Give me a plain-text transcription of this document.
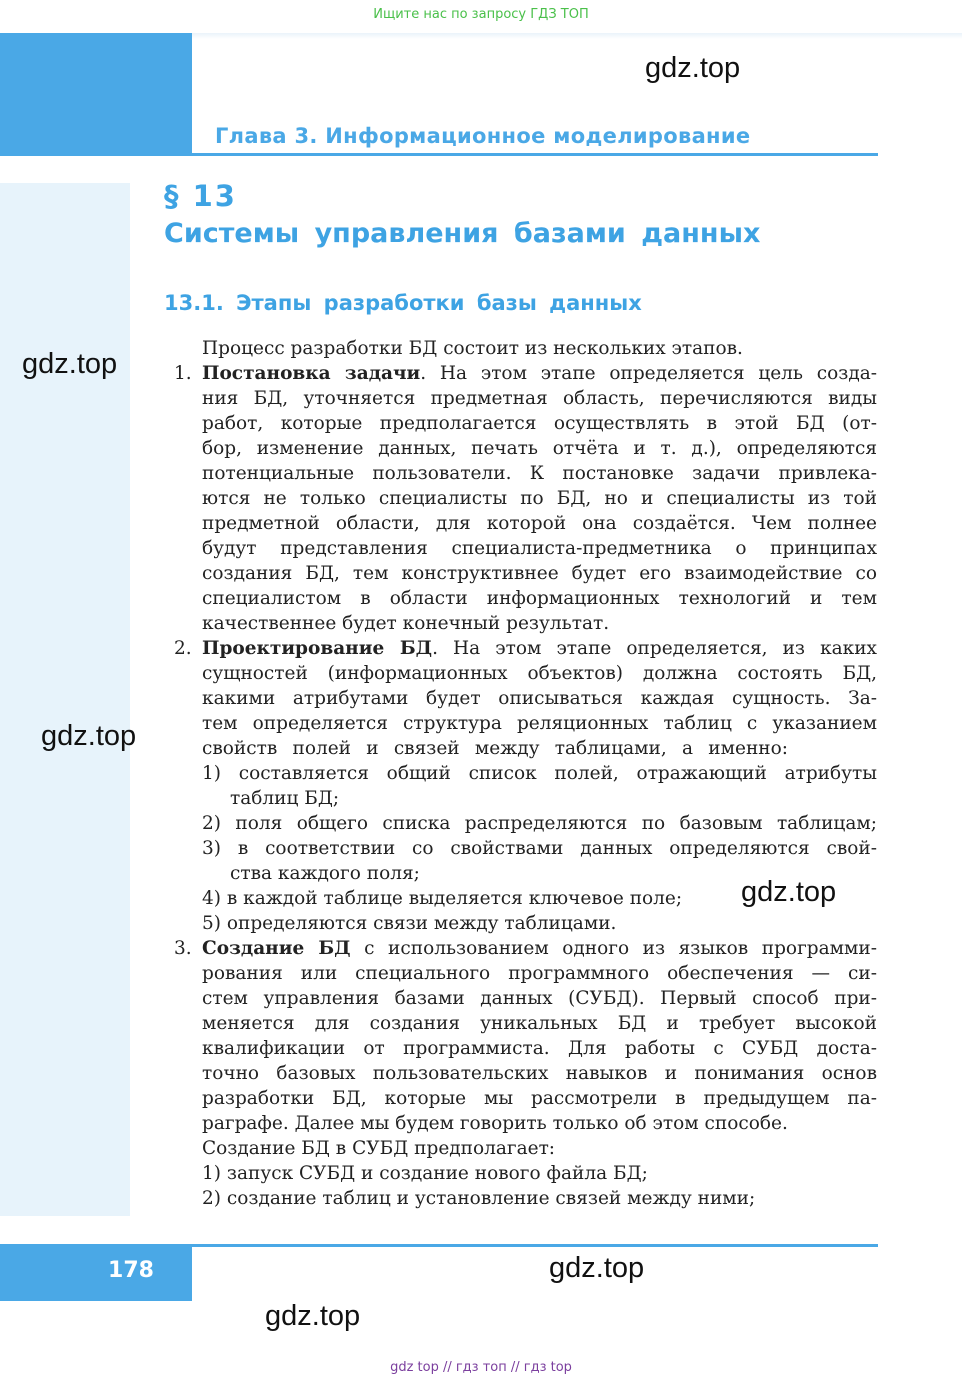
Ищите нас по запросу ГДЗ ТОП
Глава 3. Информационное моделирование
§ 13
Системы управления базами данных
13.1. Этапы разработки базы данных
Процесс разработки БД состоит из нескольких этапов.
1. Постановка задачи. На этом этапе определяется цель созда-
ния БД, уточняется предметная область, перечисляются виды
работ, которые предполагается осуществлять в этой БД (от-
бор, изменение данных, печать отчёта и т. д.), определяются
потенциальные пользователи. К постановке задачи привлека-
ются не только специалисты по БД, но и специалисты из той
предметной области, для которой она создаётся. Чем полнее
будут представления специалиста-предметника о принципах
создания БД, тем конструктивнее будет его взаимодействие со
специалистом в области информационных технологий и тем
качественнее будет конечный результат.
2. Проектирование БД. На этом этапе определяется, из каких
сущностей (информационных объектов) должна состоять БД,
какими атрибутами будет описываться каждая сущность. За-
тем определяется структура реляционных таблиц с указанием
свойств полей и связей между таблицами, а именно:
1) составляется общий список полей, отражающий атрибуты
таблиц БД;
2) поля общего списка распределяются по базовым таблицам;
3) в соответствии со свойствами данных определяются свой-
ства каждого поля;
4) в каждой таблице выделяется ключевое поле;
5) определяются связи между таблицами.
3. Создание БД с использованием одного из языков программи-
рования или специального программного обеспечения — си-
стем управления базами данных (СУБД). Первый способ при-
меняется для создания уникальных БД и требует высокой
квалификации от программиста. Для работы с СУБД доста-
точно базовых пользовательских навыков и понимания основ
разработки БД, которые мы рассмотрели в предыдущем па-
раграфе. Далее мы будем говорить только об этом способе.
Создание БД в СУБД предполагает:
1) запуск СУБД и создание нового файла БД;
2) создание таблиц и установление связей между ними;
gdz.top
gdz.top
gdz.top
gdz.top
gdz.top
gdz.top
178
gdz top // гдз топ // гдз top
